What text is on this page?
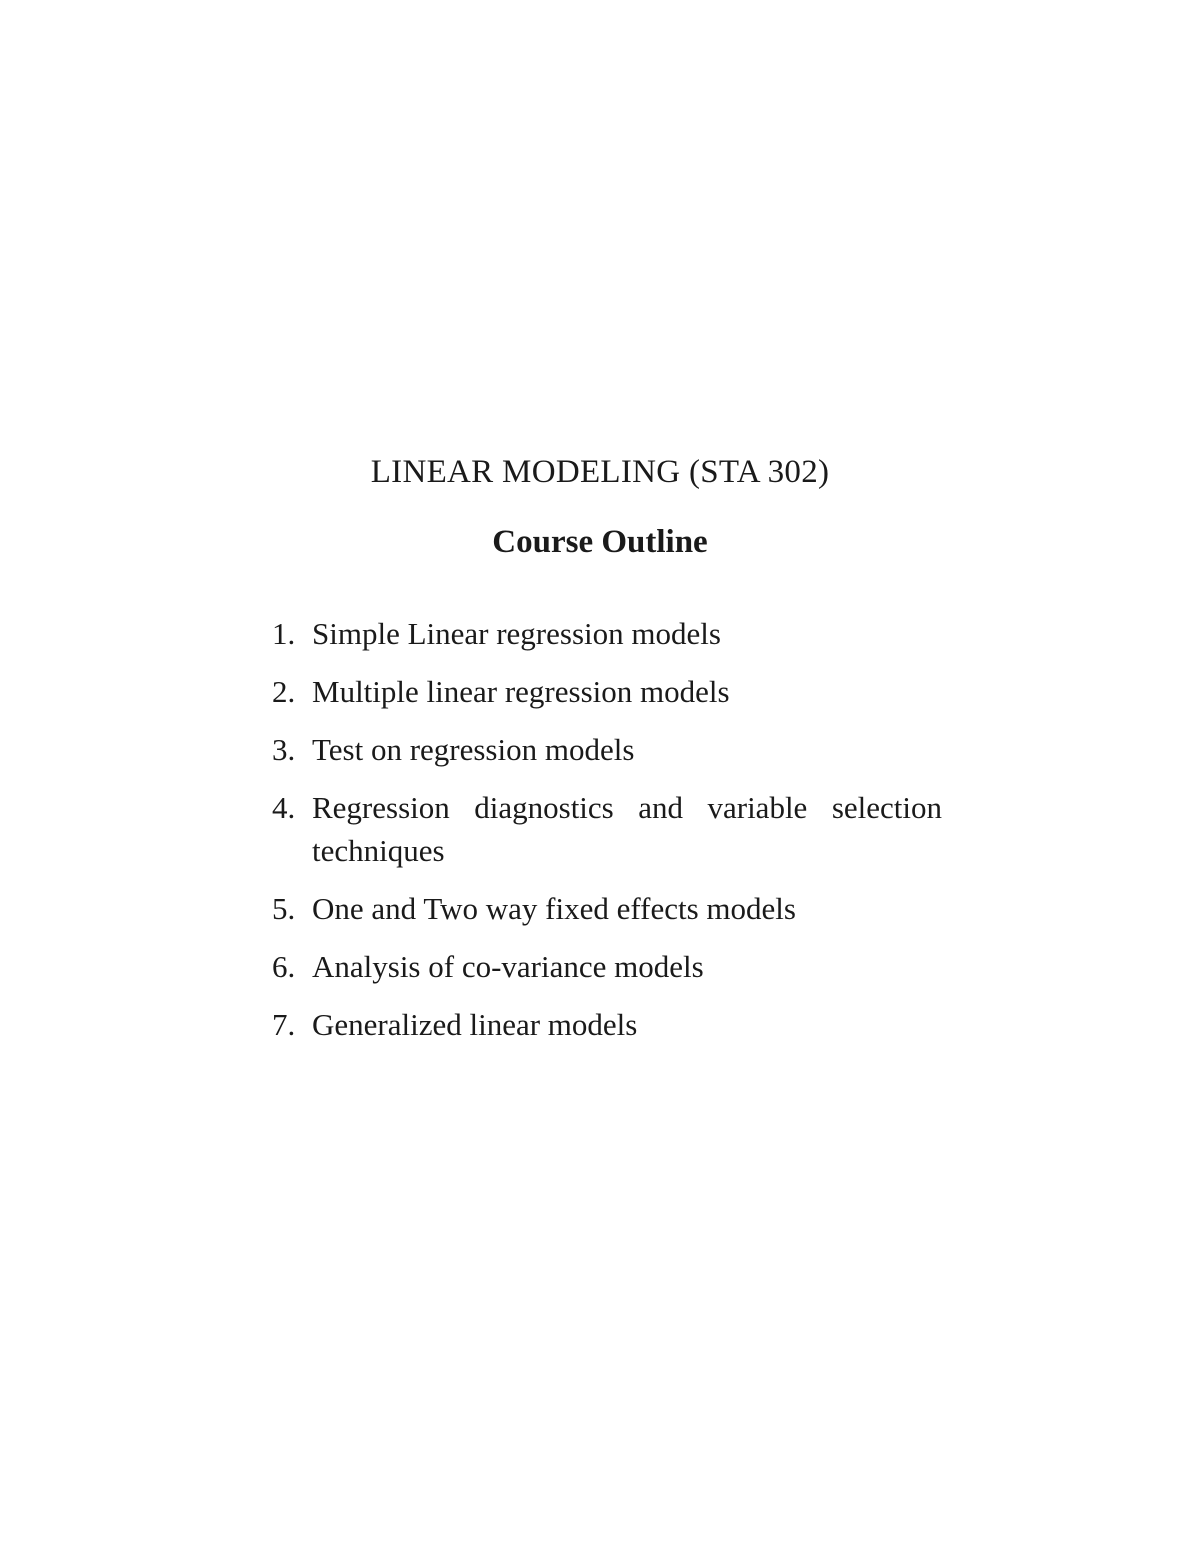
LINEAR MODELING (STA 302)
Course Outline
1. Simple Linear regression models
2. Multiple linear regression models
3. Test on regression models
4. Regression diagnostics and variable selection techniques
5. One and Two way fixed effects models
6. Analysis of co-variance models
7. Generalized linear models
